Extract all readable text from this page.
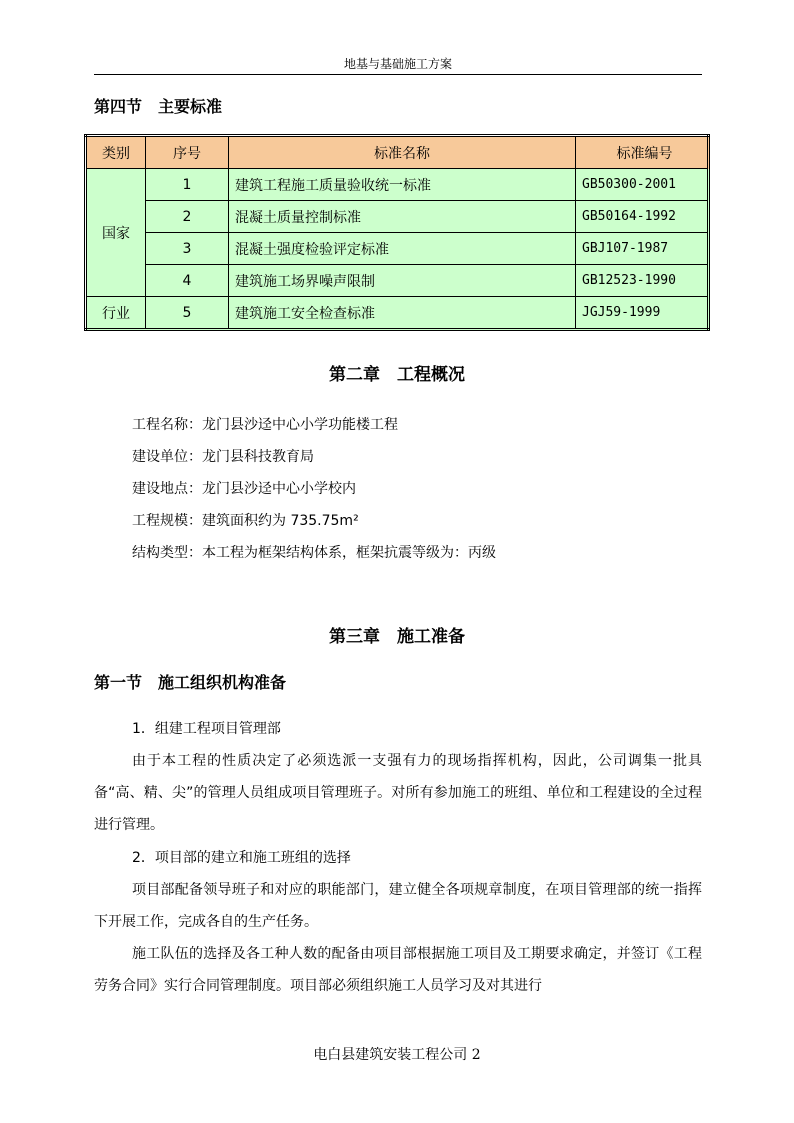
地基与基础施工方案
第四节　主要标准
类别	序号	标准名称	标准编号
国家	1	建筑工程施工质量验收统一标准	GB50300-2001
	2	混凝土质量控制标准	GB50164-1992
	3	混凝土强度检验评定标准	GBJ107-1987
	4	建筑施工场界噪声限制	GB12523-1990
行业	5	建筑施工安全检查标准	JGJ59-1999
第二章　工程概况
工程名称：龙门县沙迳中心小学功能楼工程
建设单位：龙门县科技教育局
建设地点：龙门县沙迳中心小学校内
工程规模：建筑面积约为 735.75m²
结构类型：本工程为框架结构体系，框架抗震等级为：丙级
第三章　施工准备
第一节　施工组织机构准备
1．组建工程项目管理部
由于本工程的性质决定了必须选派一支强有力的现场指挥机构，因此，公司调集一批具备“高、精、尖”的管理人员组成项目管理班子。对所有参加施工的班组、单位和工程建设的全过程进行管理。
2．项目部的建立和施工班组的选择
项目部配备领导班子和对应的职能部门，建立健全各项规章制度，在项目管理部的统一指挥下开展工作，完成各自的生产任务。
施工队伍的选择及各工种人数的配备由项目部根据施工项目及工期要求确定，并签订《工程劳务合同》实行合同管理制度。项目部必须组织施工人员学习及对其进行
电白县建筑安装工程公司 2
